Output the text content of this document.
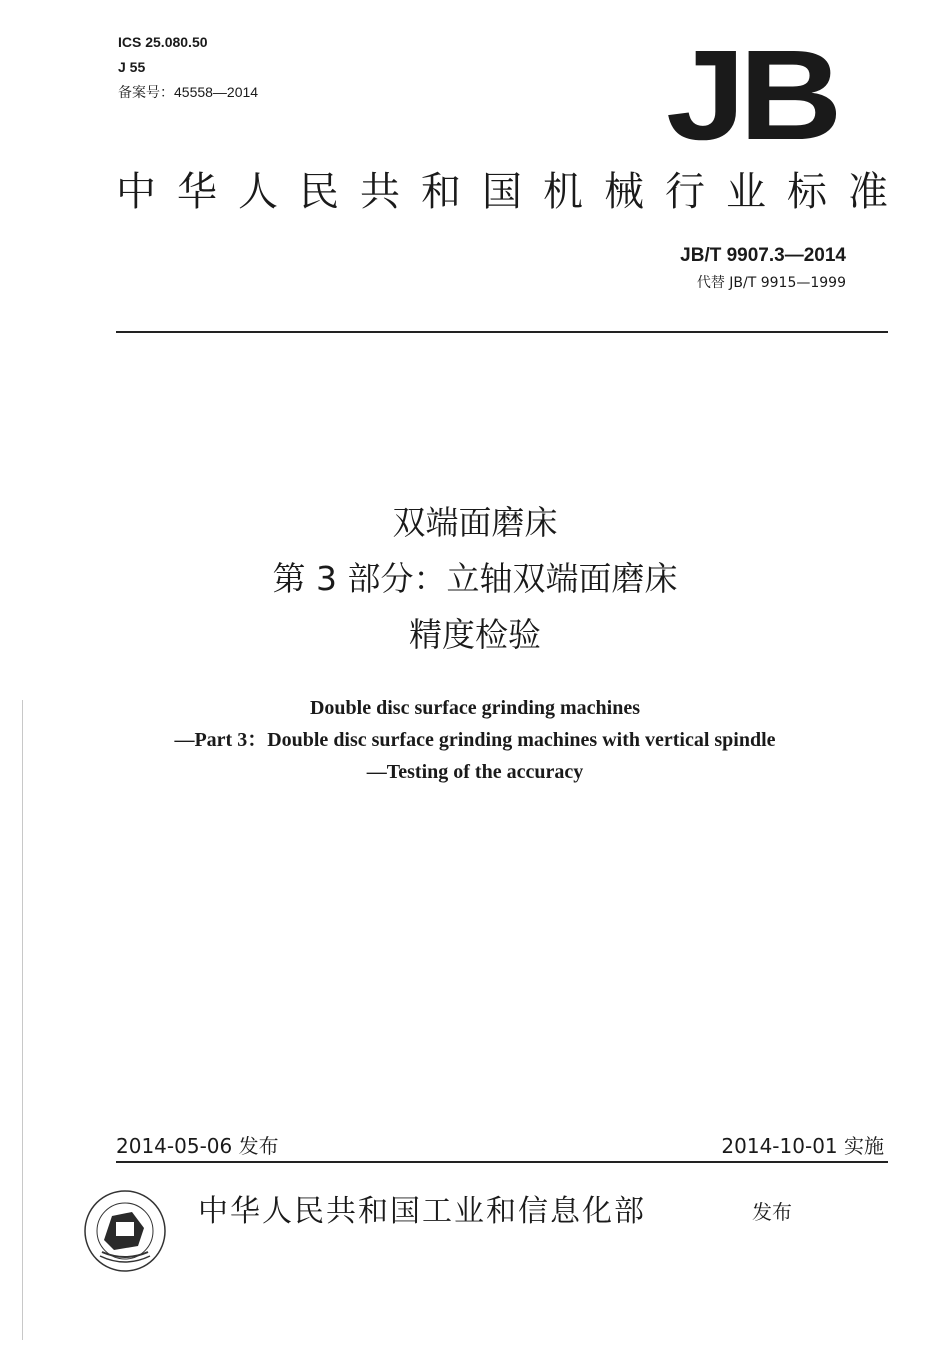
ICS 25.080.50
J 55
备案号：45558—2014	JB
中华人民共和国机械行业标准
JB/T 9907.3—2014
代替 JB/T 9915—1999
双端面磨床
第 3 部分：立轴双端面磨床
精度检验
Double disc surface grinding machines
—Part 3：Double disc surface grinding machines with vertical spindle
—Testing of the accuracy
2014-05-06 发布	2014-10-01 实施
中华人民共和国工业和信息化部	发布
